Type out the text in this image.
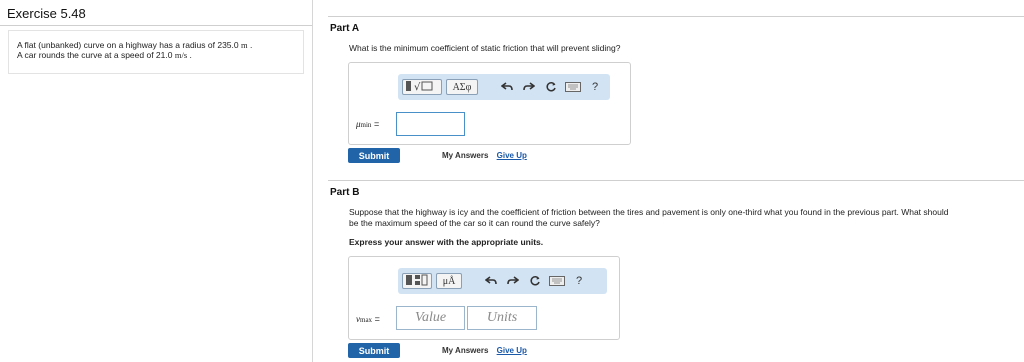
Exercise 5.48
A flat (unbanked) curve on a highway has a radius of 235.0 m .
A car rounds the curve at a speed of 21.0 m/s .
Part A
What is the minimum coefficient of static friction that will prevent sliding?
√	ΑΣφ	?
μmin =
Submit	My Answers Give Up
Part B
Suppose that the highway is icy and the coefficient of friction between the tires and pavement is only one-third what you found in the previous part. What should
be the maximum speed of the car so it can round the curve safely?
Express your answer with the appropriate units.
μÅ	?
vmax =	Value	Units
Submit	My Answers Give Up
